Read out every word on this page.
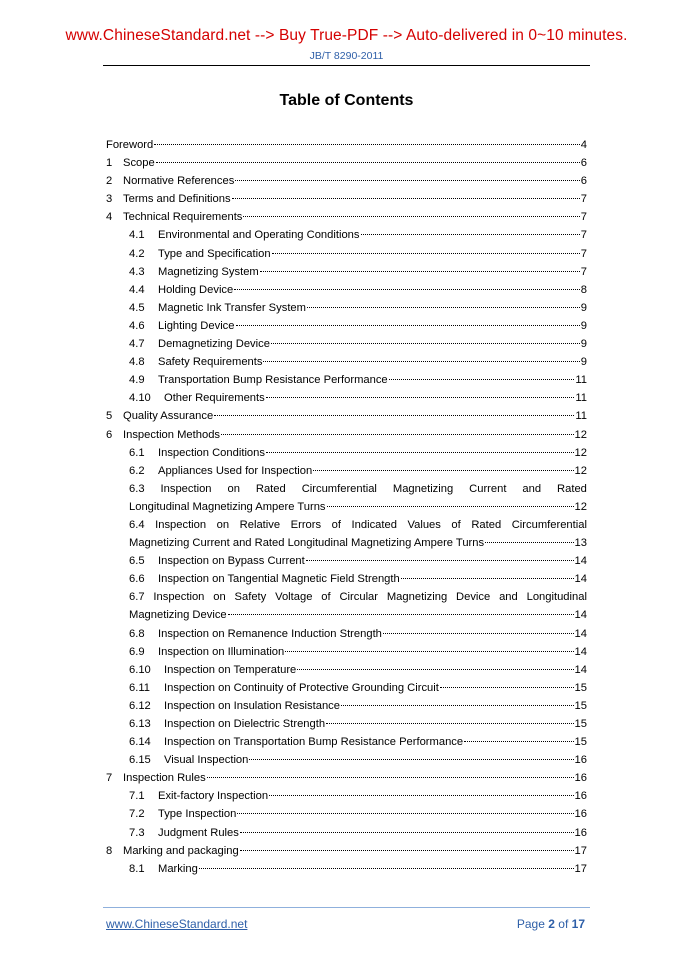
www.ChineseStandard.net --> Buy True-PDF --> Auto-delivered in 0~10 minutes.
JB/T 8290-2011
Table of Contents
Foreword	4
1 Scope	6
2 Normative References	6
3 Terms and Definitions	7
4 Technical Requirements	7
4.1	Environmental and Operating Conditions	7
4.2	Type and Specification	7
4.3	Magnetizing System	7
4.4	Holding Device	8
4.5	Magnetic Ink Transfer System	9
4.6	Lighting Device	9
4.7	Demagnetizing Device	9
4.8	Safety Requirements	9
4.9	Transportation Bump Resistance Performance	11
4.10	Other Requirements	11
5 Quality Assurance	11
6 Inspection Methods	12
6.1	Inspection Conditions	12
6.2	Appliances Used for Inspection	12
6.3 Inspection on Rated Circumferential Magnetizing Current and Rated
Longitudinal Magnetizing Ampere Turns	12
6.4 Inspection on Relative Errors of Indicated Values of Rated Circumferential
Magnetizing Current and Rated Longitudinal Magnetizing Ampere Turns	13
6.5	Inspection on Bypass Current	14
6.6	Inspection on Tangential Magnetic Field Strength	14
6.7 Inspection on Safety Voltage of Circular Magnetizing Device and Longitudinal
Magnetizing Device	14
6.8	Inspection on Remanence Induction Strength	14
6.9	Inspection on Illumination	14
6.10	Inspection on Temperature	14
6.11	Inspection on Continuity of Protective Grounding Circuit	15
6.12	Inspection on Insulation Resistance	15
6.13	Inspection on Dielectric Strength	15
6.14	Inspection on Transportation Bump Resistance Performance	15
6.15	Visual Inspection	16
7 Inspection Rules	16
7.1	Exit-factory Inspection	16
7.2	Type Inspection	16
7.3	Judgment Rules	16
8 Marking and packaging	17
8.1	Marking	17
www.ChineseStandard.net	Page 2 of 17
